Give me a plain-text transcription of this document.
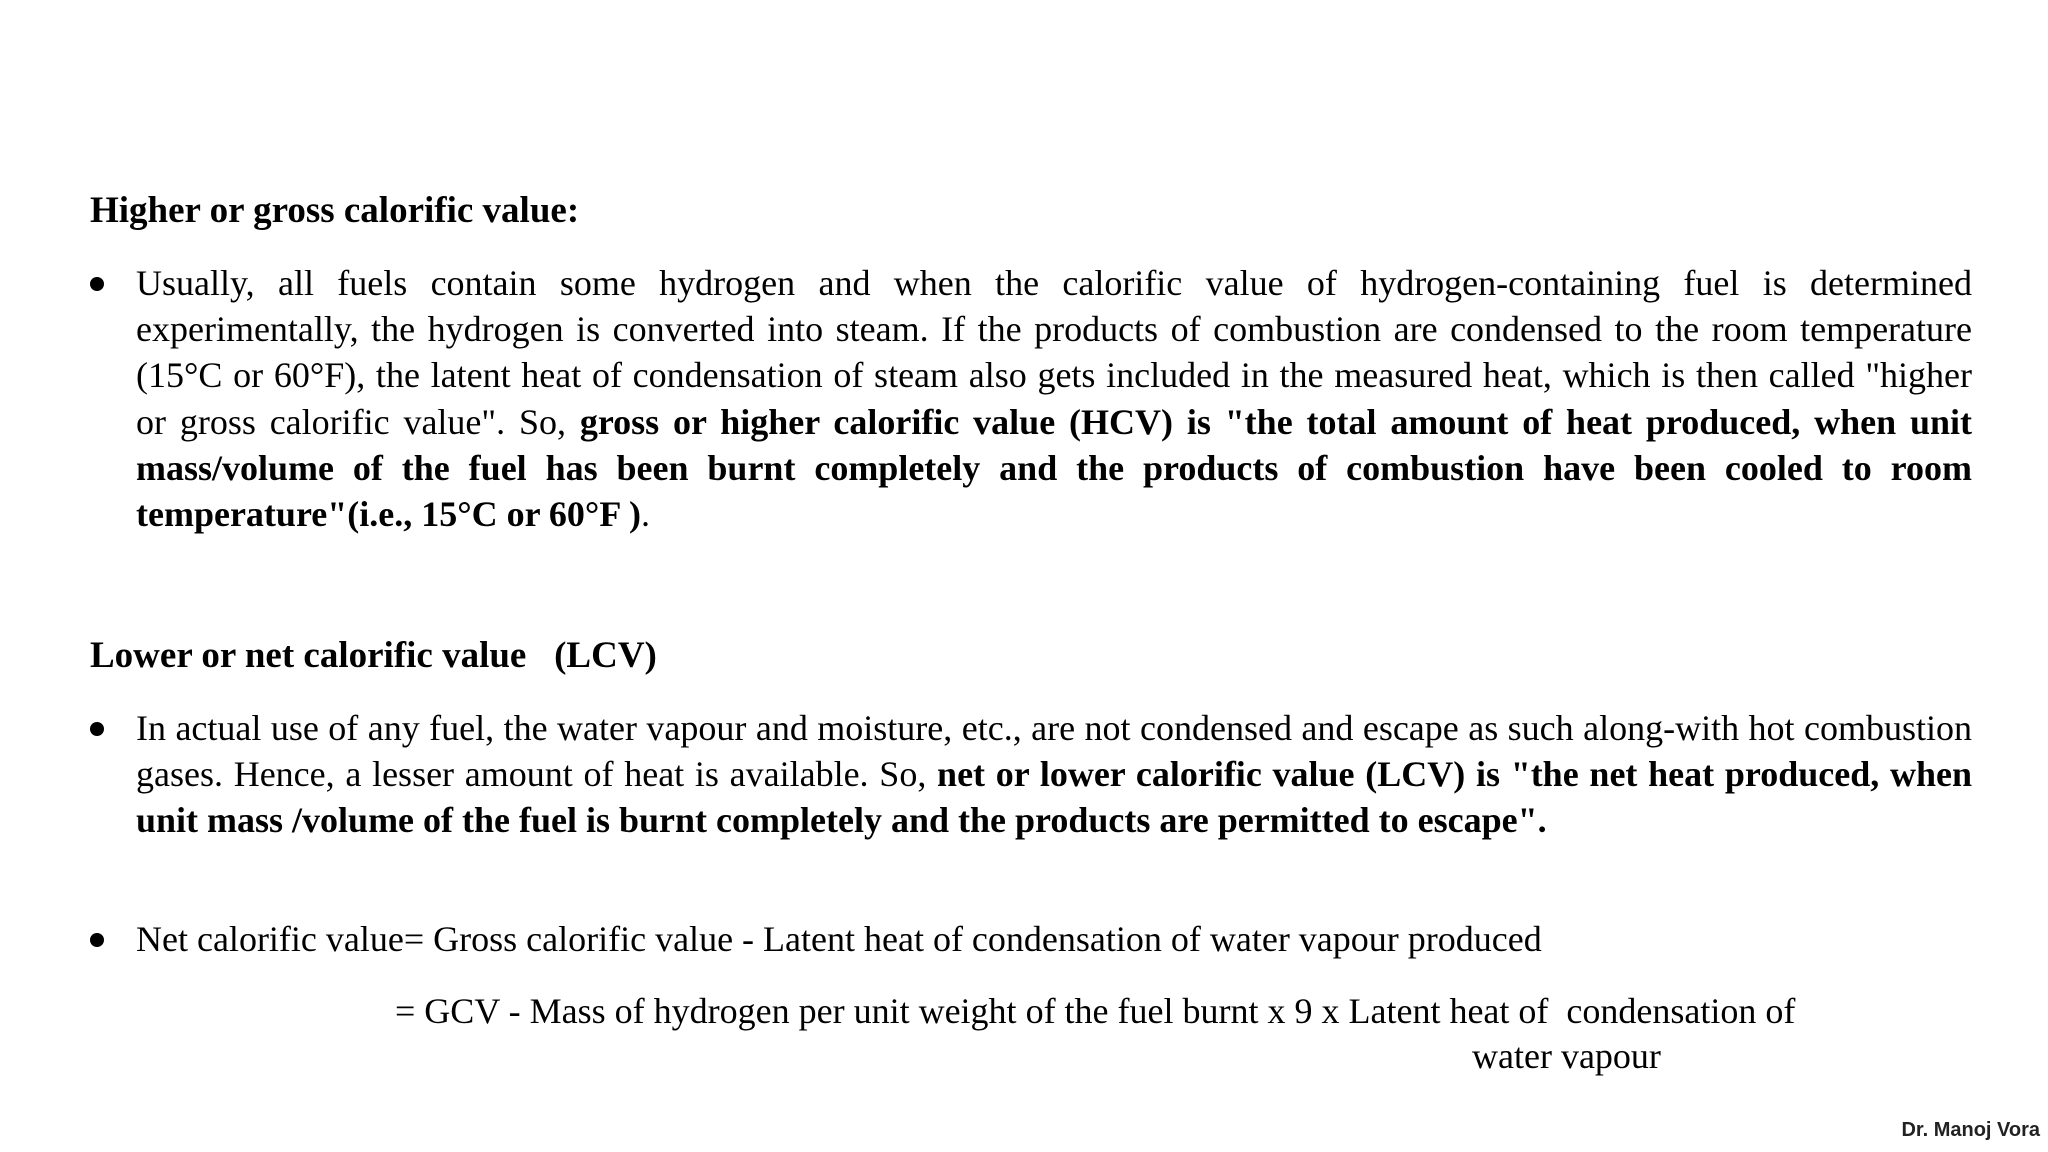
Higher or gross calorific value:
Usually, all fuels contain some hydrogen and when the calorific value of hydrogen-containing fuel is determined experimentally, the hydrogen is converted into steam. If the products of combustion are condensed to the room temperature (15°C or 60°F), the latent heat of condensation of steam also gets included in the measured heat, which is then called "higher or gross calorific value". So, gross or higher calorific value (HCV) is "the total amount of heat produced, when unit mass/volume of the fuel has been burnt completely and the products of combustion have been cooled to room temperature"(i.e., 15°C or 60°F ).
Lower or net calorific value   (LCV)
In actual use of any fuel, the water vapour and moisture, etc., are not condensed and escape as such along-with hot combustion gases. Hence, a lesser amount of heat is available. So, net or lower calorific value (LCV) is "the net heat produced, when unit mass /volume of the fuel is burnt completely and the products are permitted to escape".
Net calorific value= Gross calorific value - Latent heat of condensation of water vapour produced
= GCV - Mass of hydrogen per unit weight of the fuel burnt x 9 x Latent heat of  condensation of
water vapour
Dr. Manoj Vora
